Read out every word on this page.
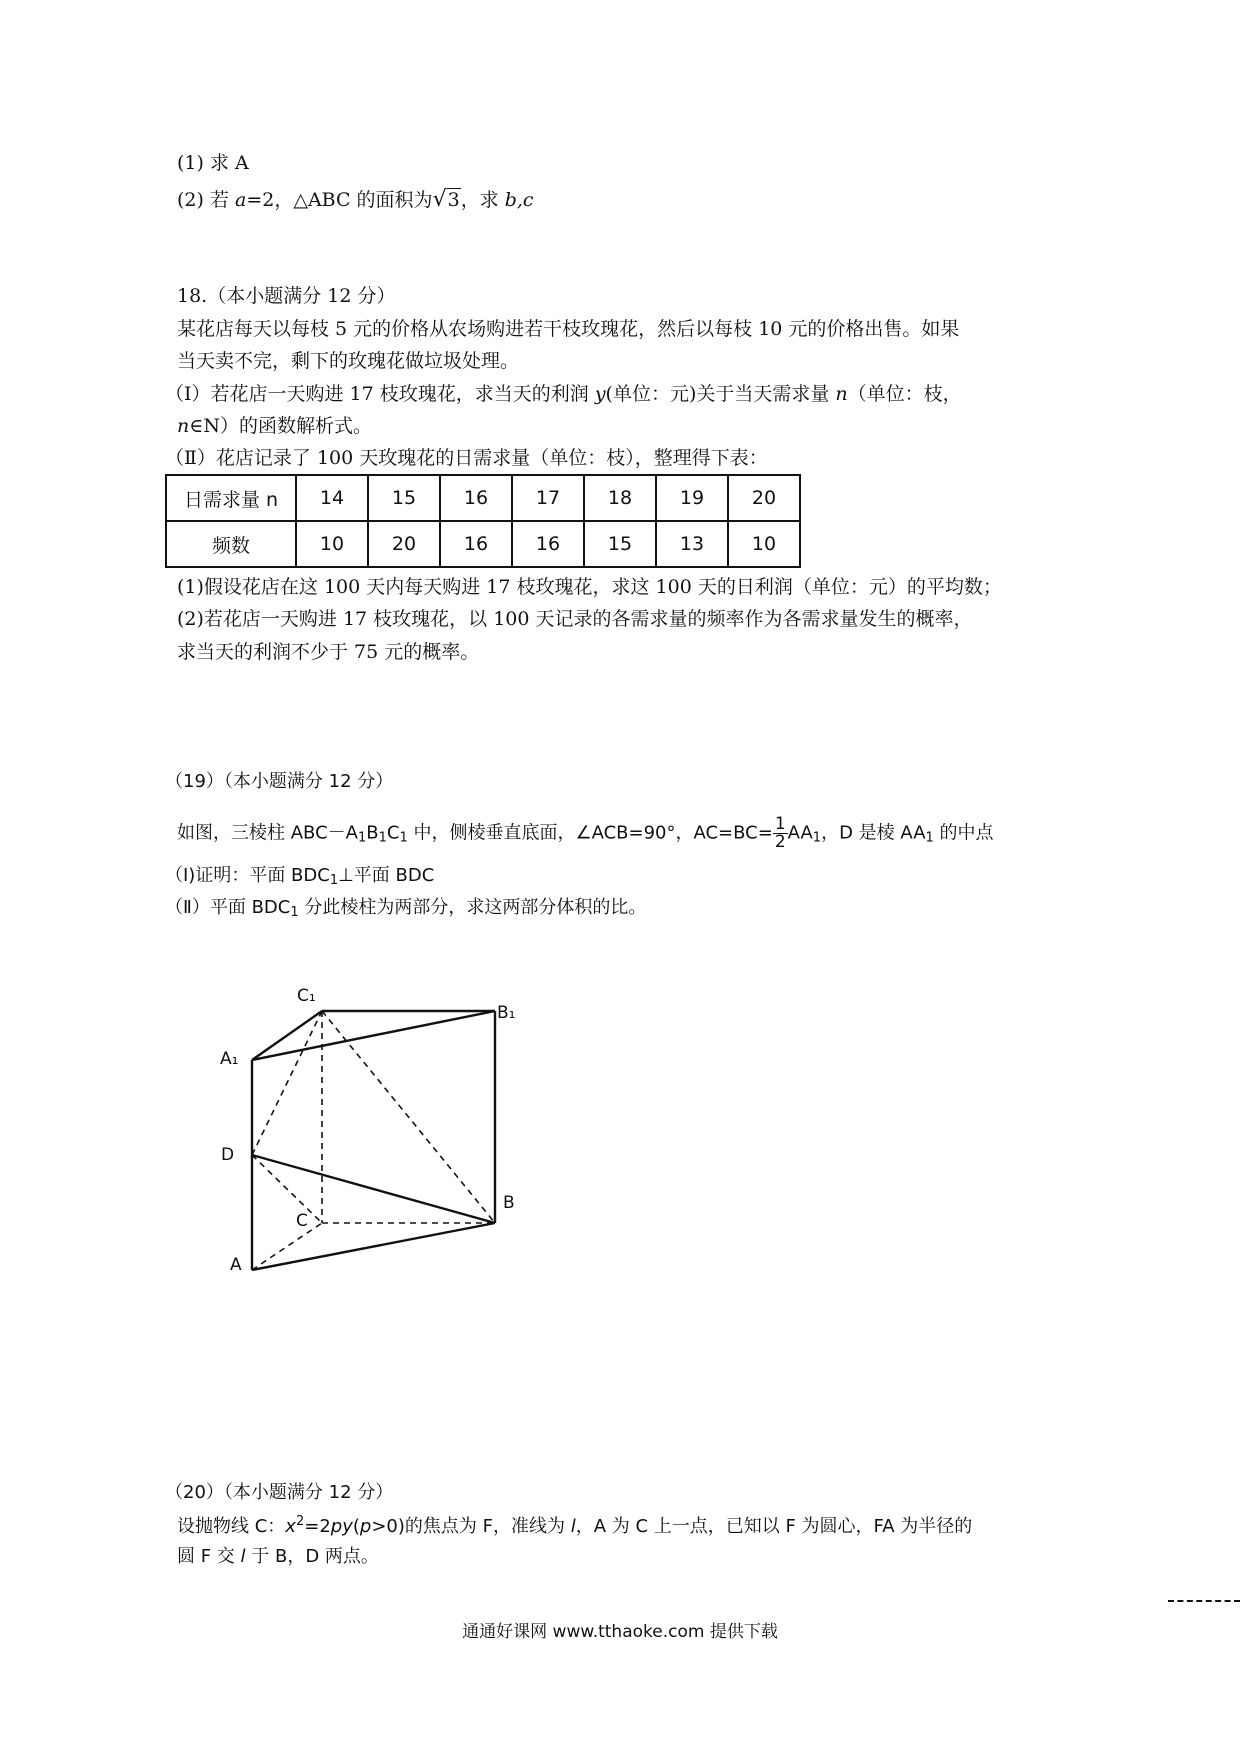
(1) 求 A
(2) 若 a=2，△ABC 的面积为√3，求 b,c
18.（本小题满分 12 分）
某花店每天以每枝 5 元的价格从农场购进若干枝玫瑰花，然后以每枝 10 元的价格出售。如果
当天卖不完，剩下的玫瑰花做垃圾处理。
（Ⅰ）若花店一天购进 17 枝玫瑰花，求当天的利润 y(单位：元)关于当天需求量 n（单位：枝，
n∈N）的函数解析式。
（Ⅱ）花店记录了 100 天玫瑰花的日需求量（单位：枝），整理得下表：
日需求量 n	14	15	16	17	18	19	20
频数	10	20	16	16	15	13	10
(1)假设花店在这 100 天内每天购进 17 枝玫瑰花，求这 100 天的日利润（单位：元）的平均数；
(2)若花店一天购进 17 枝玫瑰花，以 100 天记录的各需求量的频率作为各需求量发生的概率，
求当天的利润不少于 75 元的概率。
（19）（本小题满分 12 分）
如图，三棱柱 $ABC-A_1B_1C_1$ 中，侧棱垂直底面，∠ACB=90°，$AC=BC= \frac{1}{2} AA_1$，D 是棱 $AA_1$ 的中点
（Ⅰ)证明：平面 $BDC_1\perp$平面 BDC
（Ⅱ）平面 $BDC_1$ 分此棱柱为两部分，求这两部分体积的比。
C₁
B₁
A₁
D
B
C
A
（20）（本小题满分 12 分）
设抛物线 C：$x^2=2py(p>0)$的焦点为 F，准线为 l，A 为 C 上一点，已知以 F 为圆心，FA 为半径的
圆 F 交 l 于 B，D 两点。
通通好课网 www.tthaoke.com 提供下载
